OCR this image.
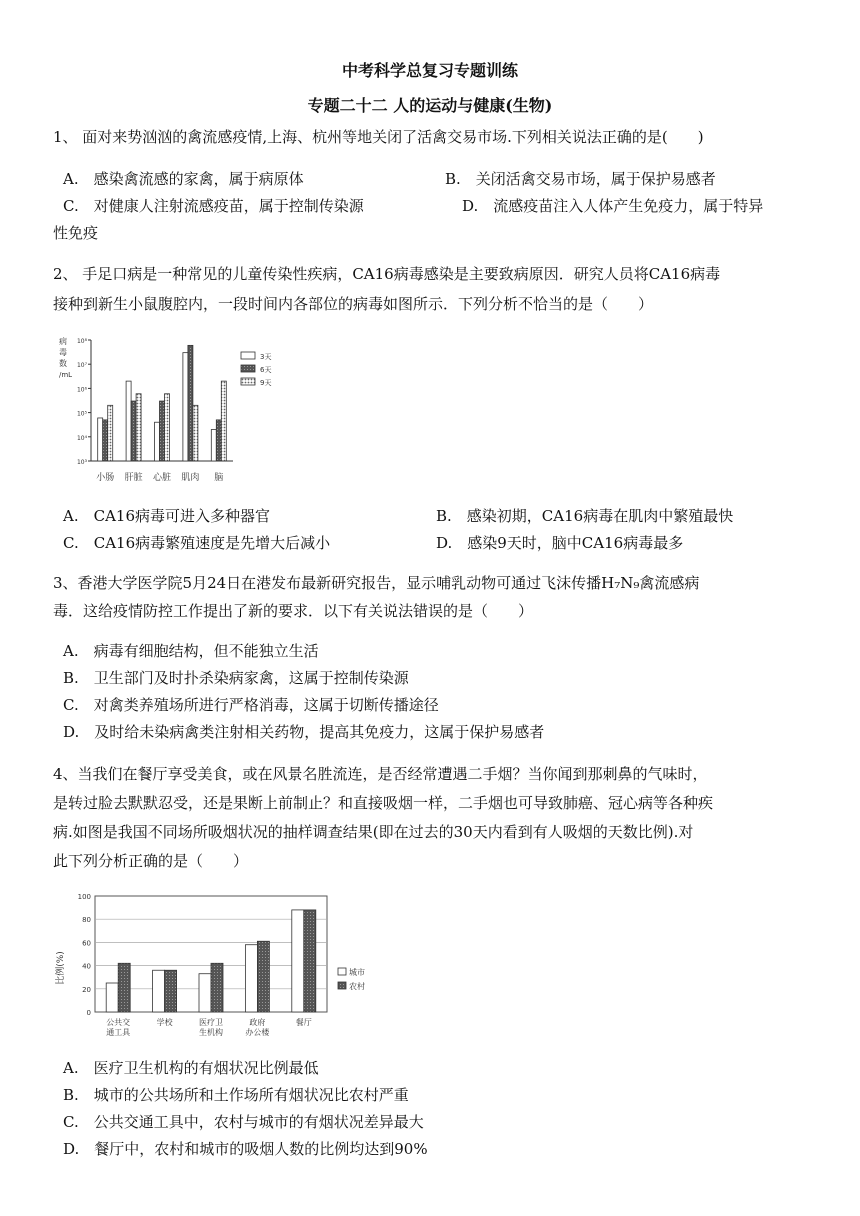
中考科学总复习专题训练
专题二十二 人的运动与健康(生物)
1、 面对来势汹汹的禽流感疫情,上海、杭州等地关闭了活禽交易市场.下列相关说法正确的是(　　)
A.　感染禽流感的家禽，属于病原体	B.　关闭活禽交易市场，属于保护易感者
C.　对健康人注射流感疫苗，属于控制传染源	D.　流感疫苗注入人体产生免疫力，属于特异
性免疫
2、 手足口病是一种常见的儿童传染性疾病，CA16病毒感染是主要致病原因．研究人员将CA16病毒
接种到新生小鼠腹腔内，一段时间内各部位的病毒如图所示．下列分析不恰当的是（　　）
病
毒
数
/mL
10⁸
10⁷
10⁶
10⁵
10⁴
10³
小肠 肝脏 心脏 肌肉 脑
3天
6天
9天
A.　CA16病毒可进入多种器官	B.　感染初期，CA16病毒在肌肉中繁殖最快
C.　CA16病毒繁殖速度是先增大后减小	D.　感染9天时，脑中CA16病毒最多
3、香港大学医学院5月24日在港发布最新研究报告，显示哺乳动物可通过飞沫传播H₇N₉禽流感病
毒．这给疫情防控工作提出了新的要求．以下有关说法错误的是（　　）
A.　病毒有细胞结构，但不能独立生活
B.　卫生部门及时扑杀染病家禽，这属于控制传染源
C.　对禽类养殖场所进行严格消毒，这属于切断传播途径
D.　及时给未染病禽类注射相关药物，提高其免疫力，这属于保护易感者
4、当我们在餐厅享受美食，或在风景名胜流连，是否经常遭遇二手烟？当你闻到那刺鼻的气味时，
是转过脸去默默忍受，还是果断上前制止？和直接吸烟一样，二手烟也可导致肺癌、冠心病等各种疾
病.如图是我国不同场所吸烟状况的抽样调查结果(即在过去的30天内看到有人吸烟的天数比例).对
此下列分析正确的是（　　）
比例(%)
100
80
60
40
20
0
公共交通工具
学校	医疗卫生机构
政府办公楼
餐厅
城市
农村
A.　医疗卫生机构的有烟状况比例最低
B.　城市的公共场所和土作场所有烟状况比农村严重
C.　公共交通工具中，农村与城市的有烟状况差异最大
D.　餐厅中，农村和城市的吸烟人数的比例均达到90%
